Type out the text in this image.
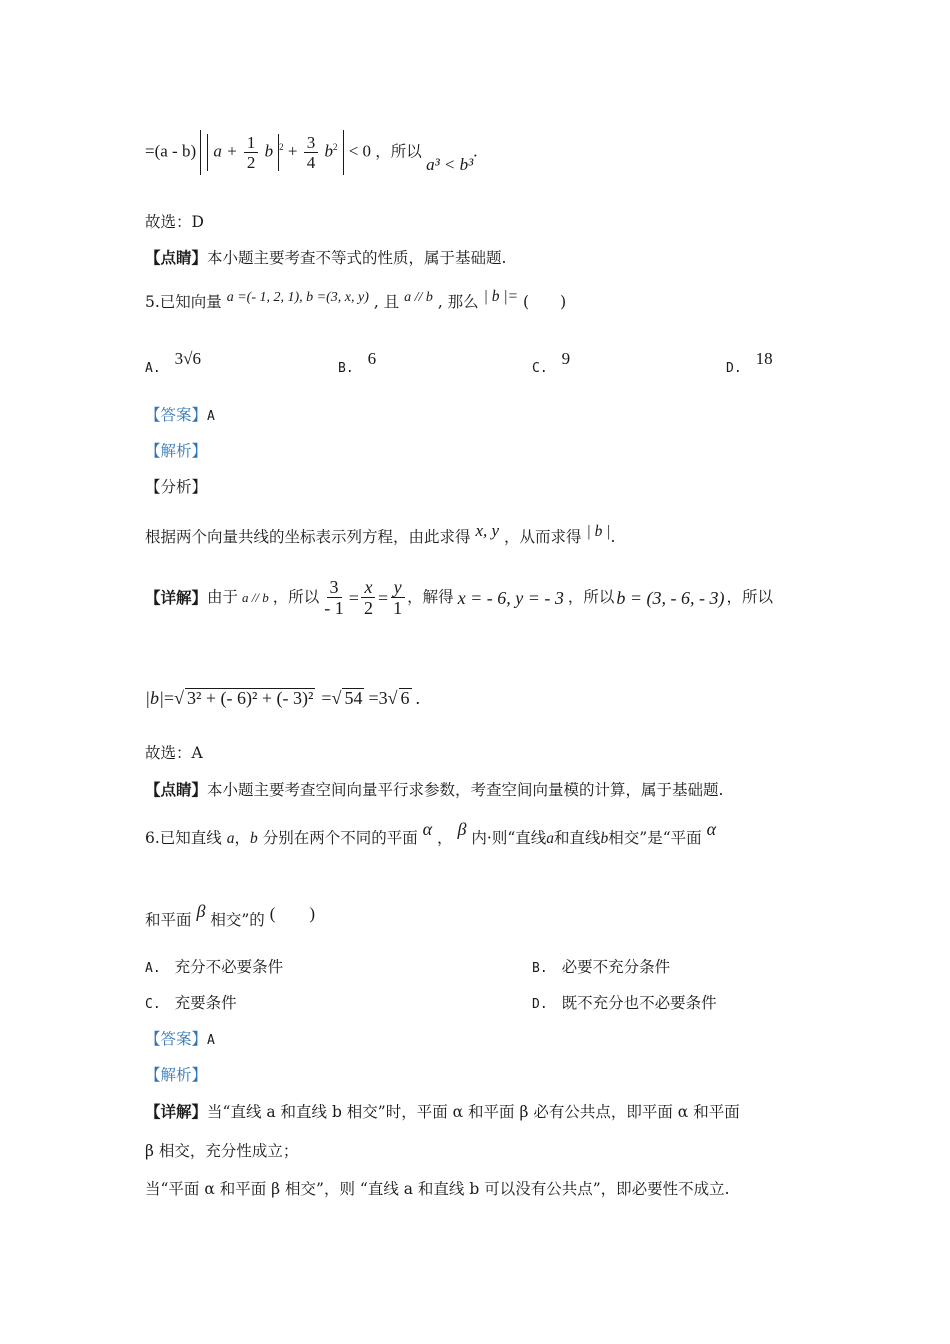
=(a - b) $a + \frac{1}{2}$ b $^2 + \frac{3}{4} b^2 < 0$ ，所以 a³ < b³.
故选：D
【点睛】本小题主要考查不等式的性质，属于基础题.
5.已知向量 a =(- 1, 2, 1), b =(3, x, y) , 且 a // b , 那么 | b |= (　　)
$_{A.}$3√6
$_{B.}$6
$_{C.}$9
$_{D.}$18
【答案】A
【解析】
【分析】
根据两个向量共线的坐标表示列方程，由此求得 x, y ，从而求得 | b |.
【详解】 由于 a // b ，所以 $\frac{3}{- 1} = \frac{x}{2} = \frac{y}{1}$ ，解得 x = - 6, y = - 3 ，所以 b = (3, - 6, - 3) ，所以
|b| = √ 3² + (- 6)² + (- 3)² = √ 54 =3 √ 6 .
故选：A
【点睛】本小题主要考查空间向量平行求参数，考查空间向量模的计算，属于基础题.
6.已知直线 a，b 分别在两个不同的平面 α ， β 内·则“直线a和直线b相交”是“平面 α
和平面 β 相交”的 (　　)
A. 充分不必要条件	B. 必要不充分条件
C. 充要条件	D. 既不充分也不必要条件
【答案】A
【解析】
【详解】当“直线 a 和直线 b 相交”时，平面 α 和平面 β 必有公共点，即平面 α 和平面
β 相交，充分性成立；
当“平面 α 和平面 β 相交”，则 “直线 a 和直线 b 可以没有公共点”，即必要性不成立.
